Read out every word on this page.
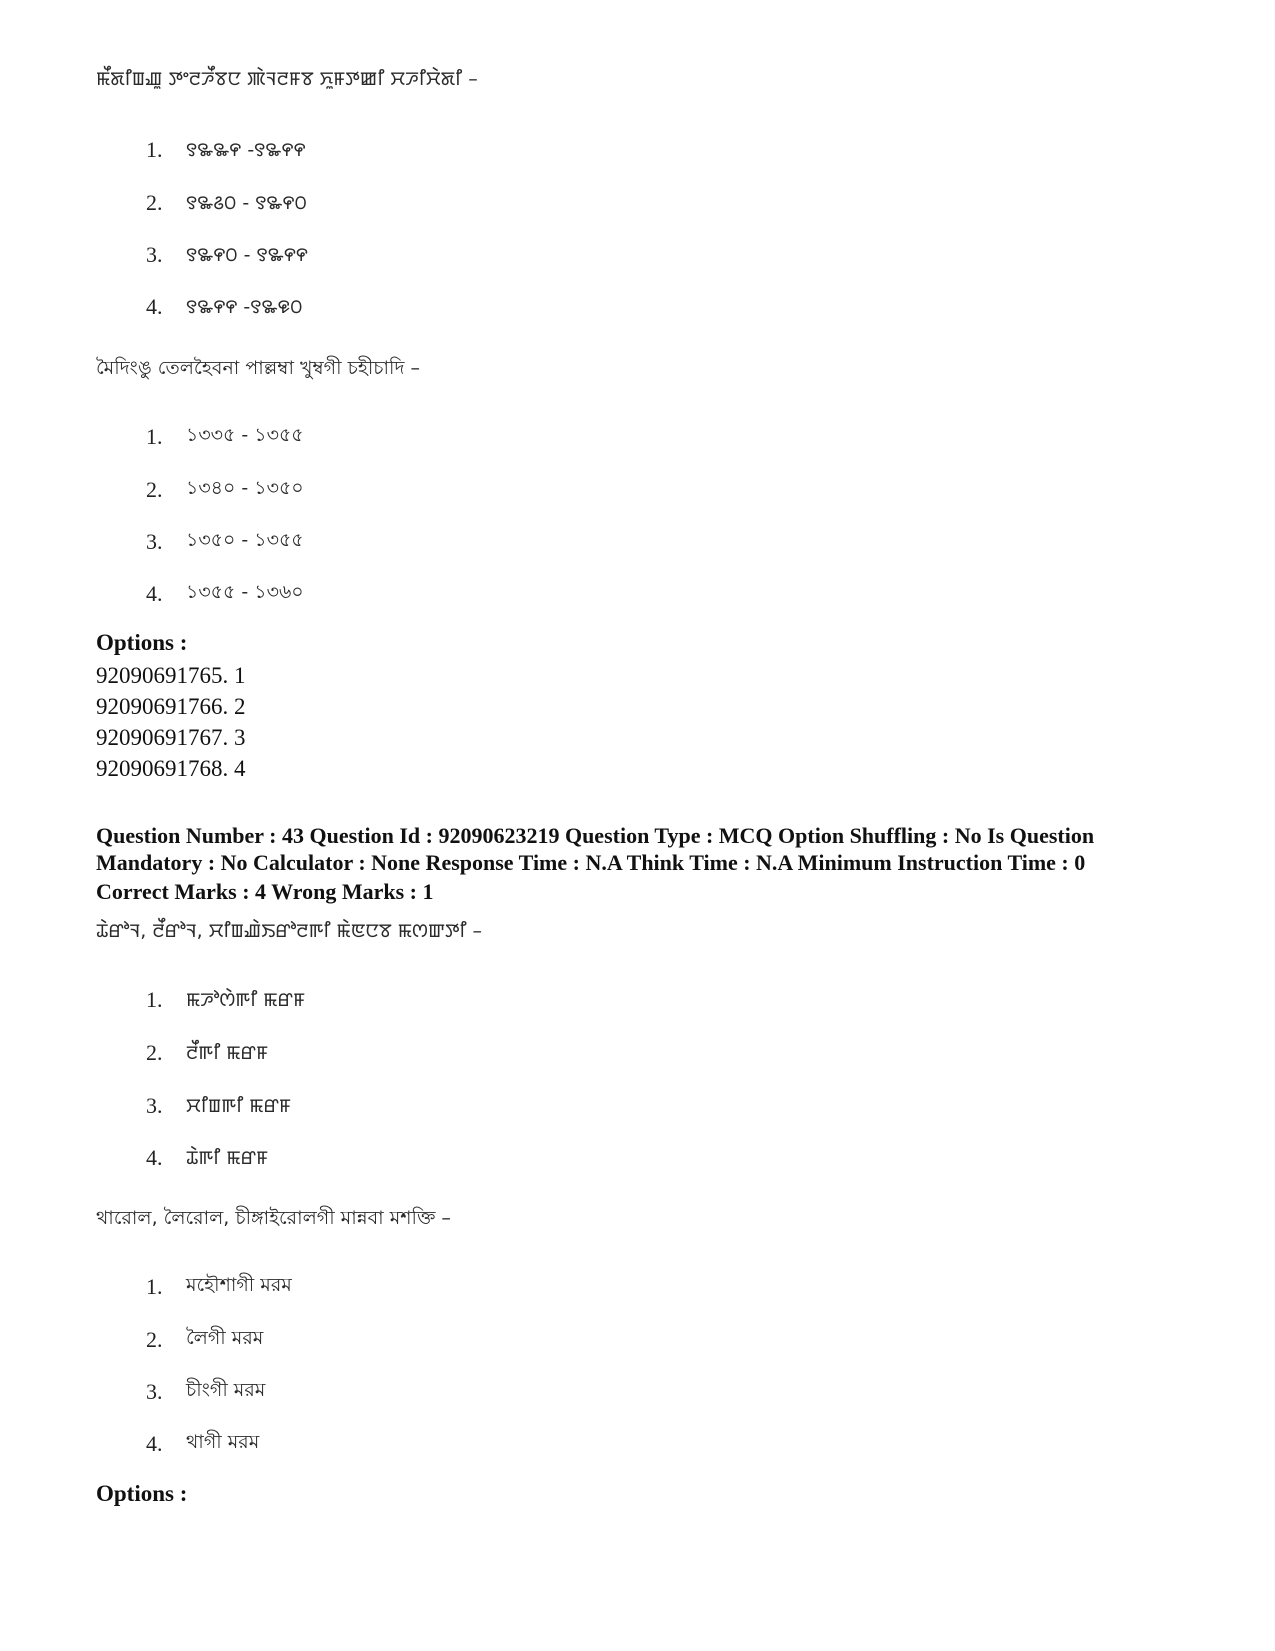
ꯃꯩꯗꯤꯡꯉꯨ ꯇꯦꯂꯍꯩꯕꯅ ꯄꯥꯜꯂꯝꯕ ꯈꯨꯝꯇꯀꯤ ꯆꯍꯤꯆꯥꯗꯤ –
1.	꯱꯳꯳꯵ -꯱꯳꯵꯵
2.	꯱꯳꯴꯰ - ꯱꯳꯵꯰
3.	꯱꯳꯵꯰ - ꯱꯳꯵꯵
4.	꯱꯳꯵꯵ -꯱꯳꯶꯰
মৈদিংঙু তেলহৈবনা পাল্লম্বা খুম্বগী চহীচাদি –
1.	১৩৩৫ - ১৩৫৫
2.	১৩৪০ - ১৩৫০
3.	১৩৫০ - ১৩৫৫
4.	১৩৫৫ - ১৩৬০
Options :
92090691765. 1
92090691766. 2
92090691767. 3
92090691768. 4
Question Number : 43 Question Id : 92090623219 Question Type : MCQ Option Shuffling : No Is Question Mandatory : No Calculator : None Response Time : N.A Think Time : N.A Minimum Instruction Time : 0
Correct Marks : 4 Wrong Marks : 1
ꯊꯥꯔꯣꯜ, ꯂꯩꯔꯣꯜ, ꯆꯤꯡꯉꯥꯏꯔꯣꯂꯒꯤ ꯃꯥꯟꯅꯕ ꯃꯁꯛꯇꯤ –
1.	ꯃꯍꯣꯁꯥꯒꯤ ꯃꯔꯝ
2.	ꯂꯩꯒꯤ ꯃꯔꯝ
3.	ꯆꯤꯡꯒꯤ ꯃꯔꯝ
4.	ꯊꯥꯒꯤ ꯃꯔꯝ
থারোল, লৈরোল, চীঙ্গাইরোলগী মান্নবা মশক্তি –
1.	মহৌশাগী মরম
2.	লৈগী মরম
3.	চীংগী মরম
4.	থাগী মরম
Options :
